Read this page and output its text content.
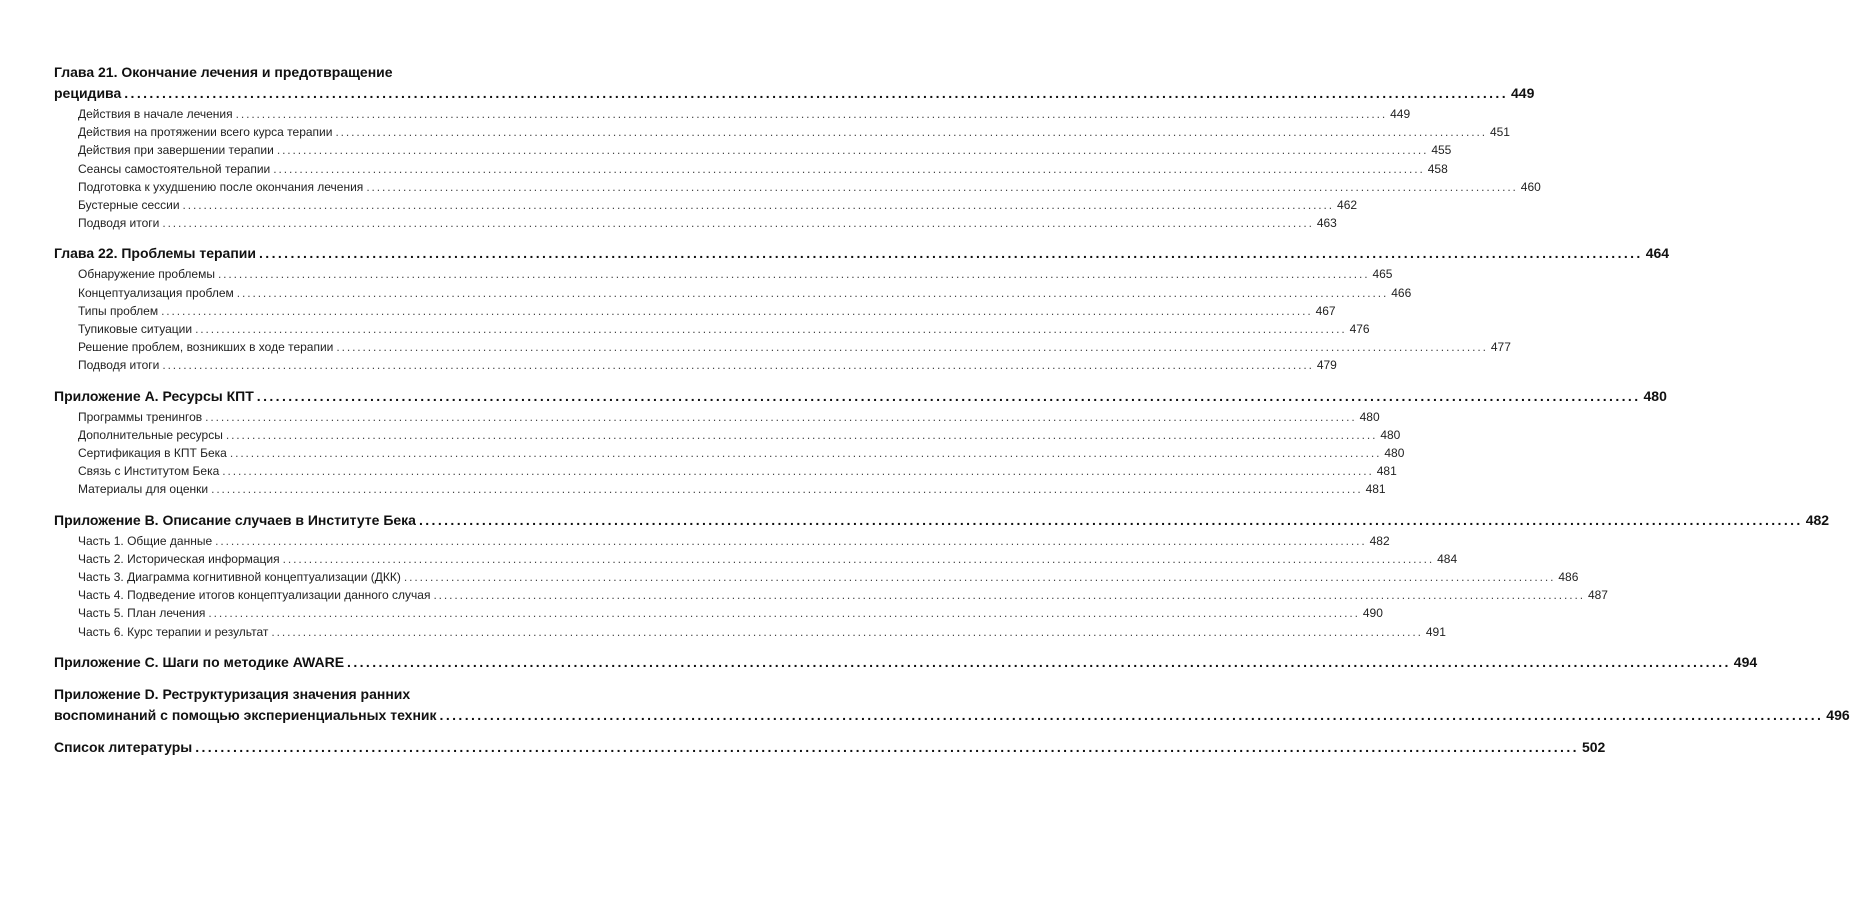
Глава 21. Окончание лечения и предотвращение
рецидива ............................................................................................................................................................................................................................ 449
Действия в начале лечения ............................................................................................................................................................................................................................ 449
Действия на протяжении всего курса терапии ............................................................................................................................................................................................................................ 451
Действия при завершении терапии ............................................................................................................................................................................................................................ 455
Сеансы самостоятельной терапии ............................................................................................................................................................................................................................ 458
Подготовка к ухудшению после окончания лечения ............................................................................................................................................................................................................................ 460
Бустерные сессии ............................................................................................................................................................................................................................ 462
Подводя итоги ............................................................................................................................................................................................................................ 463
Глава 22. Проблемы терапии ............................................................................................................................................................................................................................ 464
Обнаружение проблемы ............................................................................................................................................................................................................................ 465
Концептуализация проблем ............................................................................................................................................................................................................................ 466
Типы проблем ............................................................................................................................................................................................................................ 467
Тупиковые ситуации ............................................................................................................................................................................................................................ 476
Решение проблем, возникших в ходе терапии ............................................................................................................................................................................................................................ 477
Подводя итоги ............................................................................................................................................................................................................................ 479
Приложение А. Ресурсы КПТ ............................................................................................................................................................................................................................ 480
Программы тренингов ............................................................................................................................................................................................................................ 480
Дополнительные ресурсы ............................................................................................................................................................................................................................ 480
Сертификация в КПТ Бека ............................................................................................................................................................................................................................ 480
Связь с Институтом Бека ............................................................................................................................................................................................................................ 481
Материалы для оценки ............................................................................................................................................................................................................................ 481
Приложение В. Описание случаев в Институте Бека ............................................................................................................................................................................................................................ 482
Часть 1. Общие данные ............................................................................................................................................................................................................................ 482
Часть 2. Историческая информация ............................................................................................................................................................................................................................ 484
Часть 3. Диаграмма когнитивной концептуализации (ДКК) ............................................................................................................................................................................................................................ 486
Часть 4. Подведение итогов концептуализации данного случая ............................................................................................................................................................................................................................ 487
Часть 5. План лечения ............................................................................................................................................................................................................................ 490
Часть 6. Курс терапии и результат ............................................................................................................................................................................................................................ 491
Приложение С. Шаги по методике AWARE ............................................................................................................................................................................................................................ 494
Приложение D. Реструктуризация значения ранних
воспоминаний с помощью экспериенциальных техник ............................................................................................................................................................................................................................ 496
Список литературы ............................................................................................................................................................................................................................ 502
